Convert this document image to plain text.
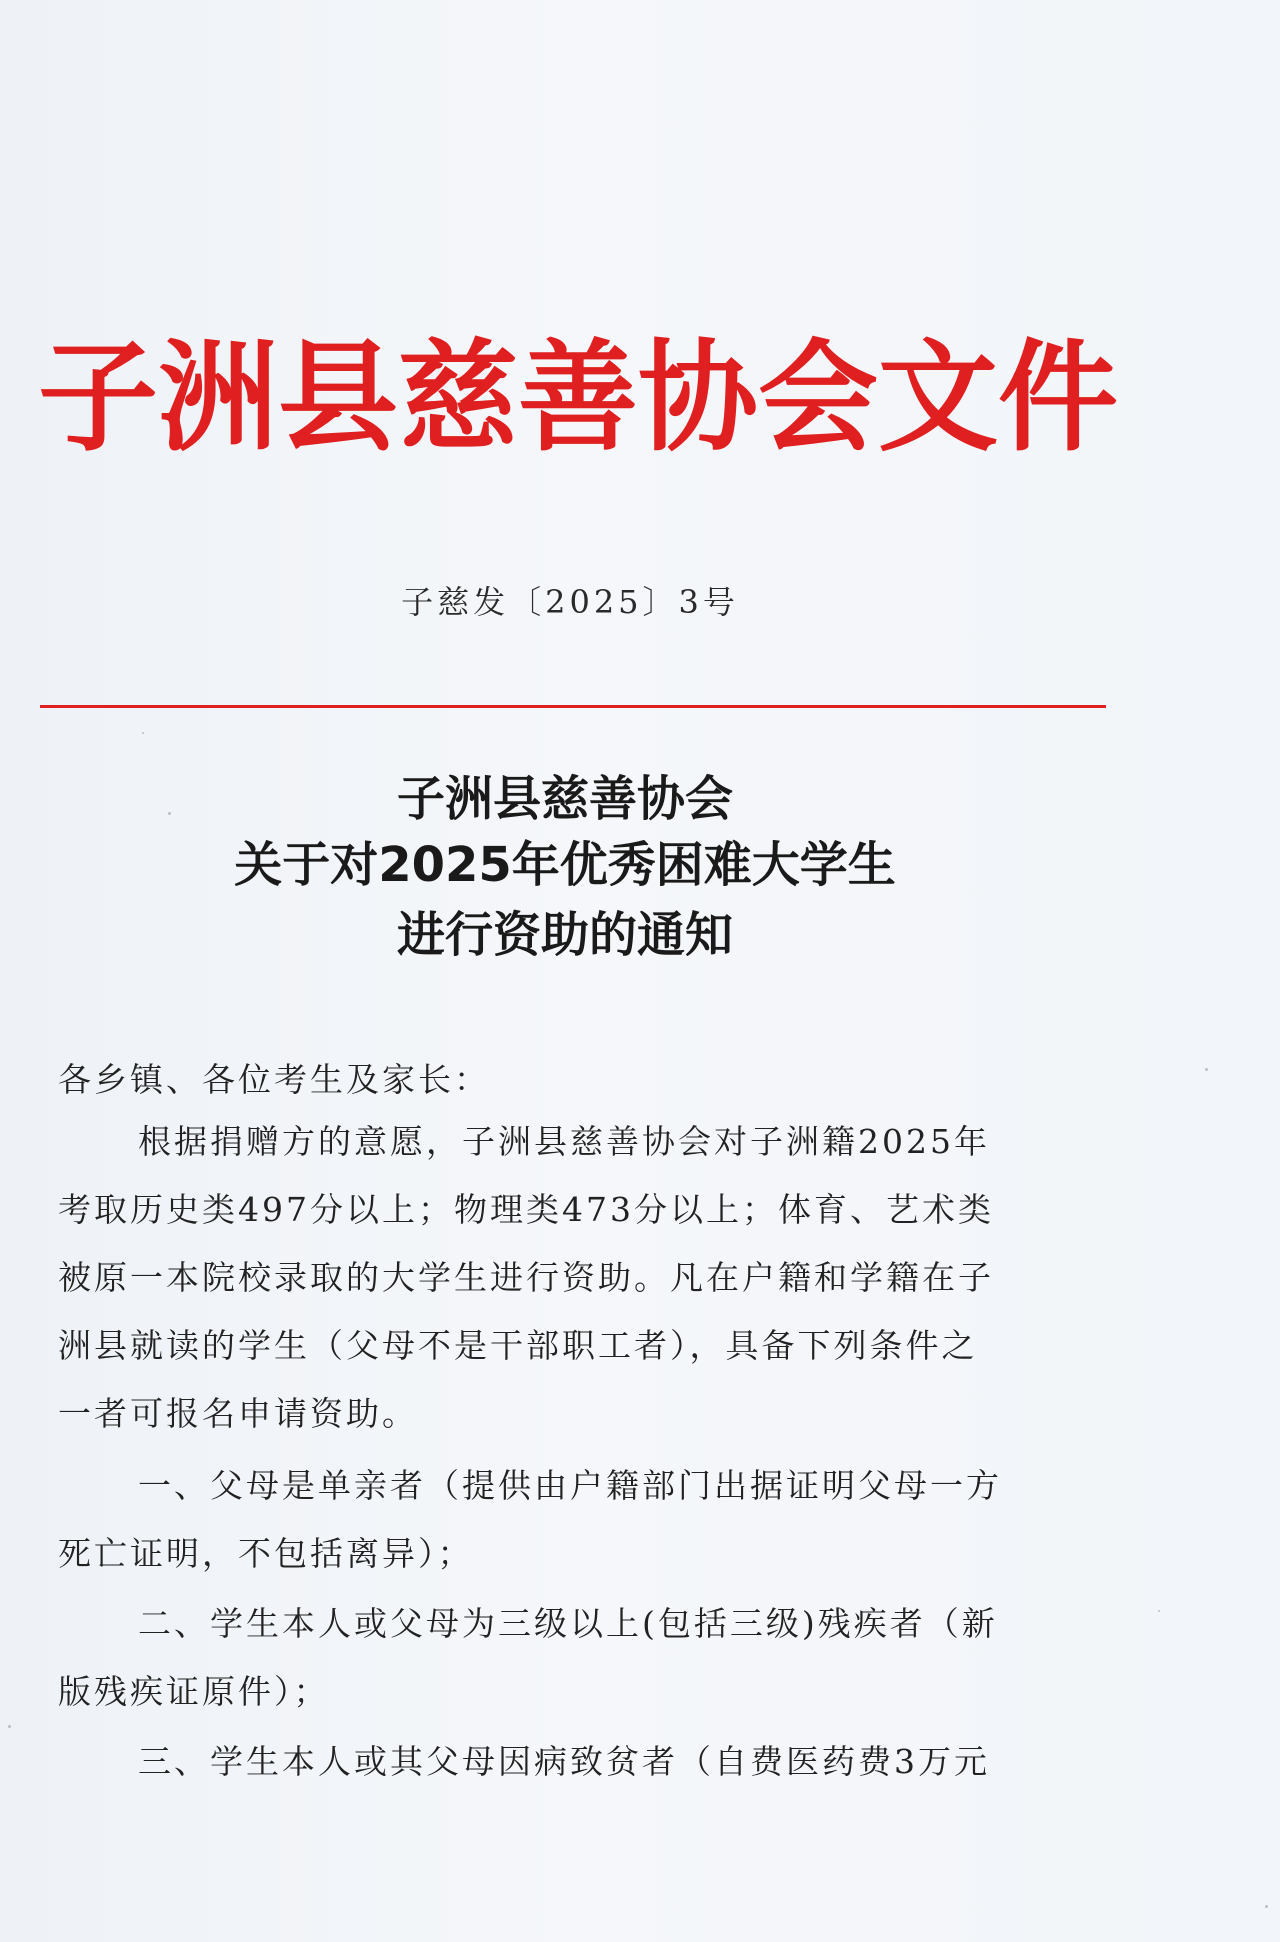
子洲县慈善协会文件

子慈发〔2025〕3号

子洲县慈善协会
关于对2025年优秀困难大学生
进行资助的通知

各乡镇、各位考生及家长：

根据捐赠方的意愿，子洲县慈善协会对子洲籍2025年

考取历史类497分以上；物理类473分以上；体育、艺术类

被原一本院校录取的大学生进行资助。凡在户籍和学籍在子

洲县就读的学生（父母不是干部职工者），具备下列条件之

一者可报名申请资助。

一、父母是单亲者（提供由户籍部门出据证明父母一方

死亡证明，不包括离异）；

二、学生本人或父母为三级以上(包括三级)残疾者（新

版残疾证原件）；

三、学生本人或其父母因病致贫者（自费医药费3万元
